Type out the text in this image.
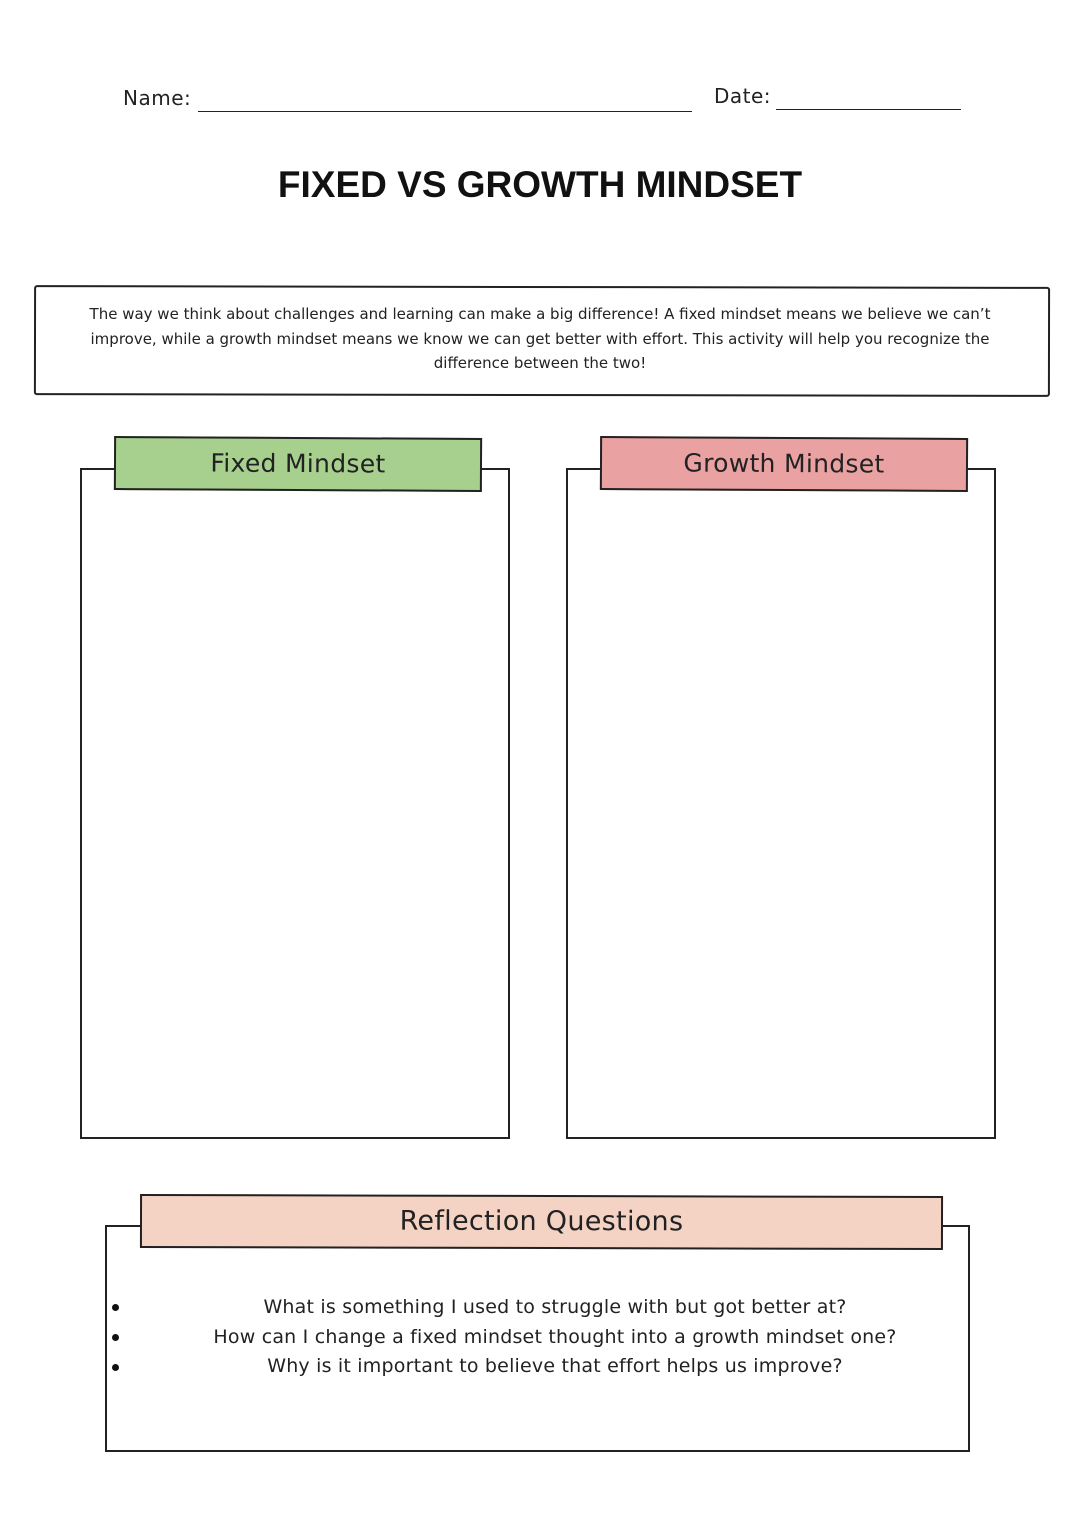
Name:	Date:
FIXED VS GROWTH MINDSET
The way we think about challenges and learning can make a big difference! A fixed mindset means we believe we can’t improve, while a growth mindset means we know we can get better with effort. This activity will help you recognize the difference between the two!
Fixed Mindset	Growth Mindset
Reflection Questions
What is something I used to struggle with but got better at?
How can I change a fixed mindset thought into a growth mindset one?
Why is it important to believe that effort helps us improve?
